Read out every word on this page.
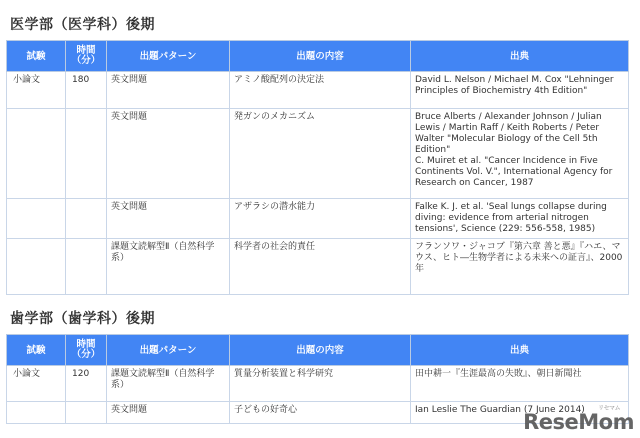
医学部（医学科）後期
試験	時間
（分）	出題パターン	出題の内容	出典
小論文	180	英文問題	アミノ酸配列の決定法	David L. Nelson / Michael M. Cox "Lehninger Principles of Biochemistry 4th Edition"

		英文問題	発ガンのメカニズム	Bruce Alberts / Alexander Johnson / Julian Lewis / Martin Raff / Keith Roberts / Peter Walter "Molecular Biology of the Cell 5th Edition"
C. Muiret et al. "Cancer Incidence in Five Continents Vol. V.", International Agency for Research on Cancer, 1987

		英文問題	アザラシの潜水能力	Falke K. J. et al. 'Seal lungs collapse during diving: evidence from arterial nitrogen tensions', Science (229: 556-558, 1985)

		課題文読解型Ⅱ（自然科学系）	科学者の社会的責任	フランソワ・ジャコブ『第六章 善と悪』『ハエ、マウス、ヒト―生物学者による未来への証言』、2000年
歯学部（歯学科）後期
試験	時間
（分）	出題パターン	出題の内容	出典
小論文	120	課題文読解型Ⅱ（自然科学系）	質量分析装置と科学研究	田中耕一『生涯最高の失敗』、朝日新聞社

		英文問題	子どもの好奇心	Ian Leslie The Guardian (7 June 2014)	リセマム
ReseMom
